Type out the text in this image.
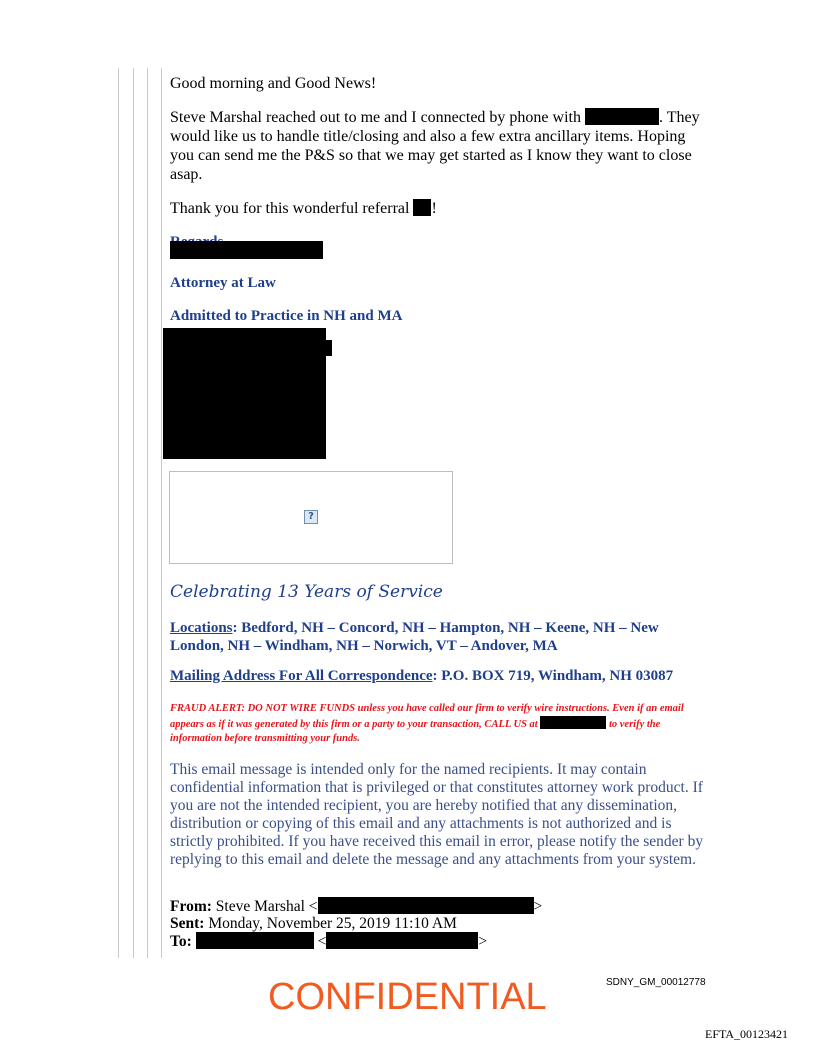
Good morning and Good News!

Steve Marshal reached out to me and I connected by phone with	. They would like us to handle title/closing and also a few extra ancillary items. Hoping you can send me the P&S so that we may get started as I know they want to close asap.

Thank you for this wonderful referral !

Attorney at Law
Admitted to Practice in NH and MA
?
Celebrating 13 Years of Service
Locations: Bedford, NH – Concord, NH – Hampton, NH – Keene, NH – New London, NH – Windham, NH – Norwich, VT – Andover, MA
Mailing Address For All Correspondence: P.O. BOX 719, Windham, NH 03087
FRAUD ALERT: DO NOT WIRE FUNDS unless you have called our firm to verify wire instructions. Even if an email appears as if it was generated by this firm or a party to your transaction, CALL US at	to verify the information before transmitting your funds.
This email message is intended only for the named recipients. It may contain confidential information that is privileged or that constitutes attorney work product. If you are not the intended recipient, you are hereby notified that any dissemination, distribution or copying of this email and any attachments is not authorized and is strictly prohibited. If you have received this email in error, please notify the sender by replying to this email and delete the message and any attachments from your system.
From: Steve Marshal <	>
Sent: Monday, November 25, 2019 11:10 AM
To:	<	>
CONFIDENTIAL	SDNY_GM_00012778
EFTA_00123421
